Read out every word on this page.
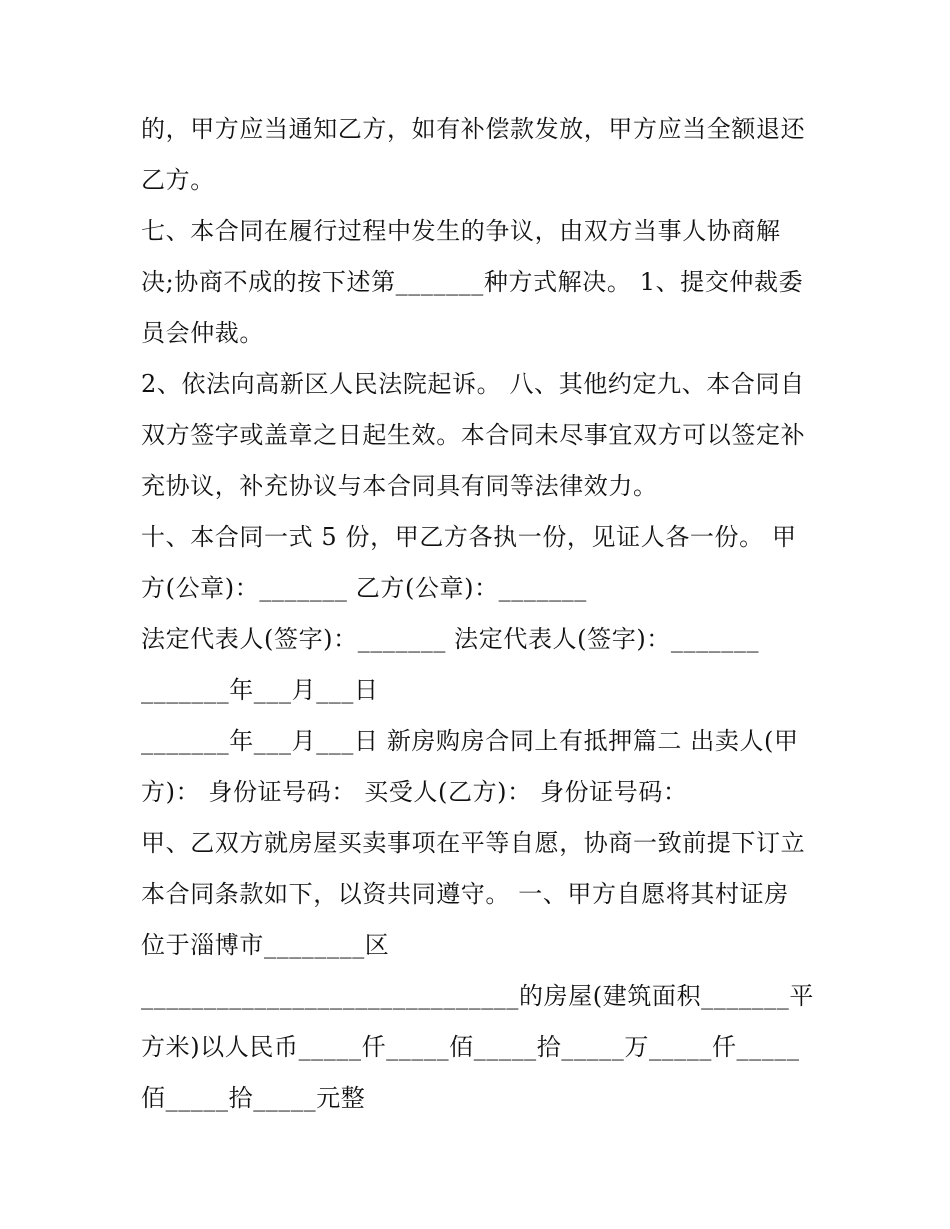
的，甲方应当通知乙方，如有补偿款发放，甲方应当全额退还
乙方。
七、本合同在履行过程中发生的争议，由双方当事人协商解
决;协商不成的按下述第_______种方式解决。 1、提交仲裁委
员会仲裁。
2、依法向高新区人民法院起诉。 八、其他约定九、本合同自
双方签字或盖章之日起生效。本合同未尽事宜双方可以签定补
充协议，补充协议与本合同具有同等法律效力。
十、本合同一式 5 份，甲乙方各执一份，见证人各一份。 甲
方(公章)：_______ 乙方(公章)：_______
法定代表人(签字)：_______ 法定代表人(签字)：_______
_______年___月___日
_______年___月___日 新房购房合同上有抵押篇二 出卖人(甲
方)： 身份证号码： 买受人(乙方)： 身份证号码：
甲、乙双方就房屋买卖事项在平等自愿，协商一致前提下订立
本合同条款如下，以资共同遵守。 一、甲方自愿将其村证房
位于淄博市________区
______________________________的房屋(建筑面积_______平
方米)以人民币_____仟_____佰_____拾_____万_____仟_____
佰_____拾_____元整
